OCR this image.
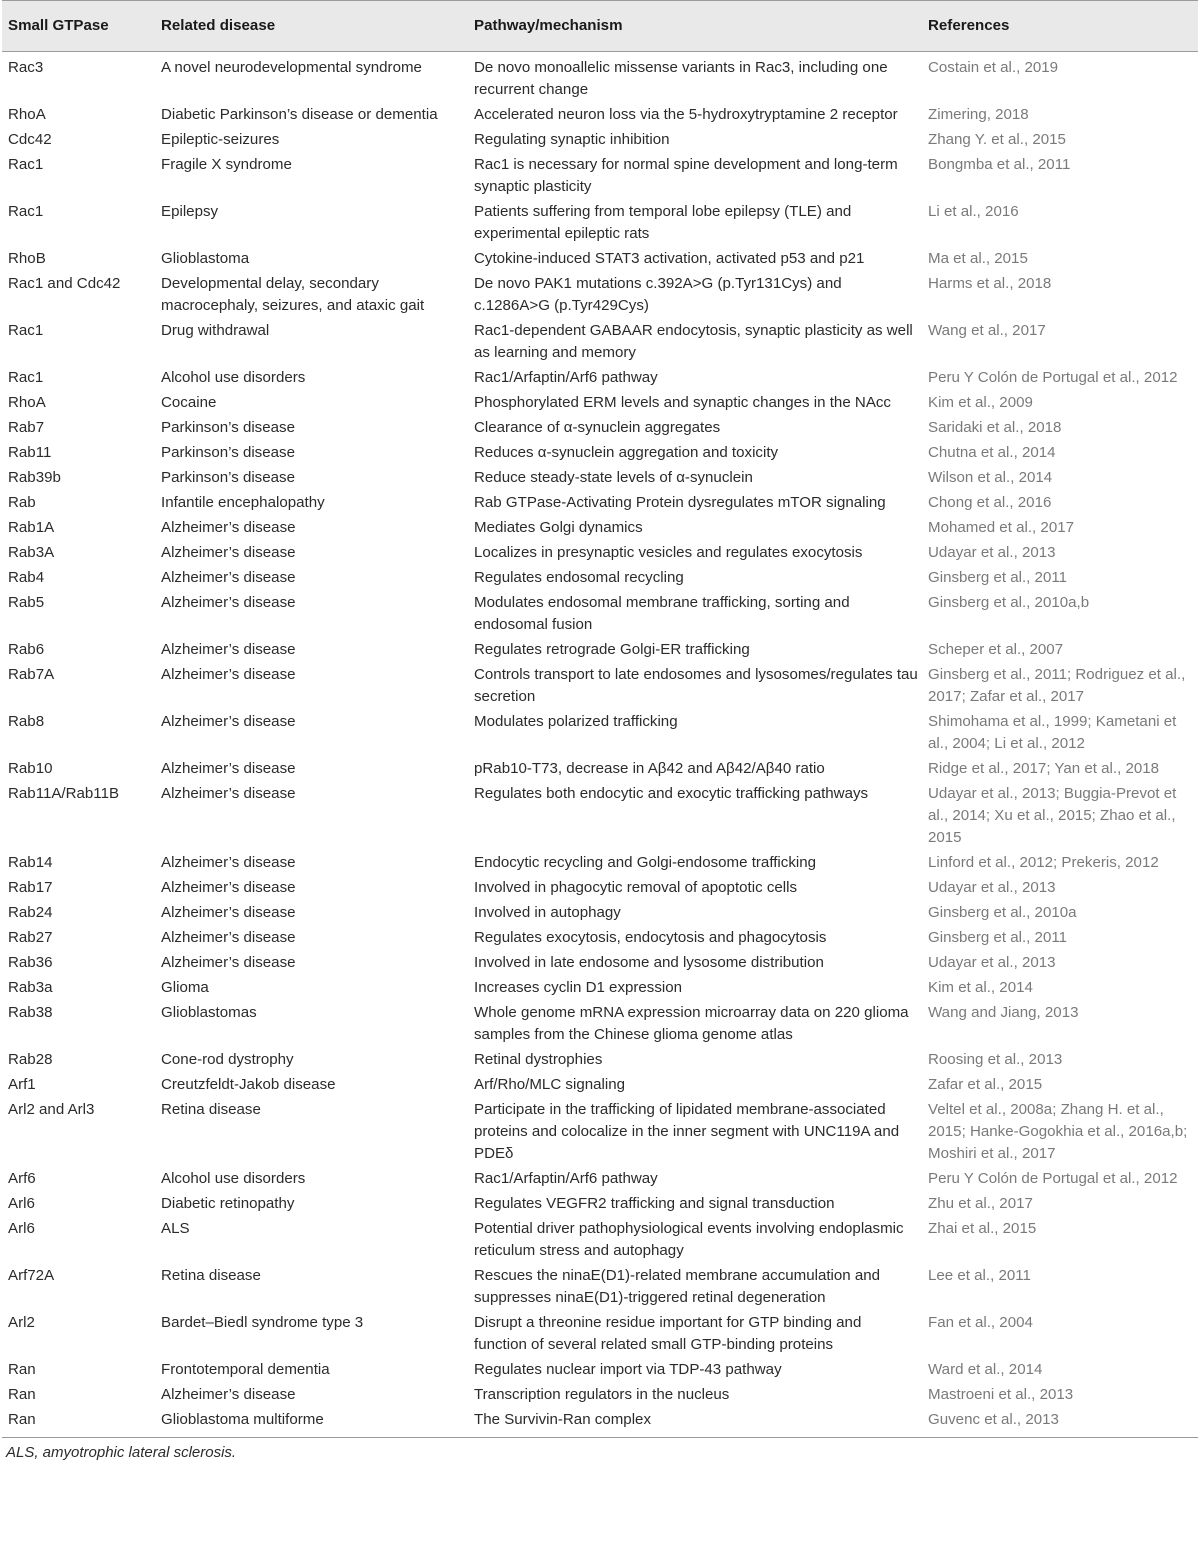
Small GTPase	Related disease	Pathway/mechanism	References
Rac3	A novel neurodevelopmental syndrome	De novo monoallelic missense variants in Rac3, including one recurrent change	Costain et al., 2019
RhoA	Diabetic Parkinson’s disease or dementia	Accelerated neuron loss via the 5-hydroxytryptamine 2 receptor	Zimering, 2018
Cdc42	Epileptic-seizures	Regulating synaptic inhibition	Zhang Y. et al., 2015
Rac1	Fragile X syndrome	Rac1 is necessary for normal spine development and long-term synaptic plasticity	Bongmba et al., 2011
Rac1	Epilepsy	Patients suffering from temporal lobe epilepsy (TLE) and experimental epileptic rats	Li et al., 2016
RhoB	Glioblastoma	Cytokine-induced STAT3 activation, activated p53 and p21	Ma et al., 2015
Rac1 and Cdc42	Developmental delay, secondary macrocephaly, seizures, and ataxic gait	De novo PAK1 mutations c.392A>G (p.Tyr131Cys) and c.1286A>G (p.Tyr429Cys)	Harms et al., 2018
Rac1	Drug withdrawal	Rac1-dependent GABAAR endocytosis, synaptic plasticity as well as learning and memory	Wang et al., 2017
Rac1	Alcohol use disorders	Rac1/Arfaptin/Arf6 pathway	Peru Y Colón de Portugal et al., 2012
RhoA	Cocaine	Phosphorylated ERM levels and synaptic changes in the NAcc	Kim et al., 2009
Rab7	Parkinson’s disease	Clearance of α-synuclein aggregates	Saridaki et al., 2018
Rab11	Parkinson’s disease	Reduces α-synuclein aggregation and toxicity	Chutna et al., 2014
Rab39b	Parkinson’s disease	Reduce steady-state levels of α-synuclein	Wilson et al., 2014
Rab	Infantile encephalopathy	Rab GTPase-Activating Protein dysregulates mTOR signaling	Chong et al., 2016
Rab1A	Alzheimer’s disease	Mediates Golgi dynamics	Mohamed et al., 2017
Rab3A	Alzheimer’s disease	Localizes in presynaptic vesicles and regulates exocytosis	Udayar et al., 2013
Rab4	Alzheimer’s disease	Regulates endosomal recycling	Ginsberg et al., 2011
Rab5	Alzheimer’s disease	Modulates endosomal membrane trafficking, sorting and endosomal fusion	Ginsberg et al., 2010a,b
Rab6	Alzheimer’s disease	Regulates retrograde Golgi-ER trafficking	Scheper et al., 2007
Rab7A	Alzheimer’s disease	Controls transport to late endosomes and lysosomes/regulates tau secretion	Ginsberg et al., 2011; Rodriguez et al., 2017; Zafar et al., 2017
Rab8	Alzheimer’s disease	Modulates polarized trafficking	Shimohama et al., 1999; Kametani et al., 2004; Li et al., 2012
Rab10	Alzheimer’s disease	pRab10-T73, decrease in Aβ42 and Aβ42/Aβ40 ratio	Ridge et al., 2017; Yan et al., 2018
Rab11A/Rab11B	Alzheimer’s disease	Regulates both endocytic and exocytic trafficking pathways	Udayar et al., 2013; Buggia-Prevot et al., 2014; Xu et al., 2015; Zhao et al., 2015
Rab14	Alzheimer’s disease	Endocytic recycling and Golgi-endosome trafficking	Linford et al., 2012; Prekeris, 2012
Rab17	Alzheimer’s disease	Involved in phagocytic removal of apoptotic cells	Udayar et al., 2013
Rab24	Alzheimer’s disease	Involved in autophagy	Ginsberg et al., 2010a
Rab27	Alzheimer’s disease	Regulates exocytosis, endocytosis and phagocytosis	Ginsberg et al., 2011
Rab36	Alzheimer’s disease	Involved in late endosome and lysosome distribution	Udayar et al., 2013
Rab3a	Glioma	Increases cyclin D1 expression	Kim et al., 2014
Rab38	Glioblastomas	Whole genome mRNA expression microarray data on 220 glioma samples from the Chinese glioma genome atlas	Wang and Jiang, 2013
Rab28	Cone-rod dystrophy	Retinal dystrophies	Roosing et al., 2013
Arf1	Creutzfeldt-Jakob disease	Arf/Rho/MLC signaling	Zafar et al., 2015
Arl2 and Arl3	Retina disease	Participate in the trafficking of lipidated membrane-associated proteins and colocalize in the inner segment with UNC119A and PDEδ	Veltel et al., 2008a; Zhang H. et al., 2015; Hanke-Gogokhia et al., 2016a,b; Moshiri et al., 2017
Arf6	Alcohol use disorders	Rac1/Arfaptin/Arf6 pathway	Peru Y Colón de Portugal et al., 2012
Arl6	Diabetic retinopathy	Regulates VEGFR2 trafficking and signal transduction	Zhu et al., 2017
Arl6	ALS	Potential driver pathophysiological events involving endoplasmic reticulum stress and autophagy	Zhai et al., 2015
Arf72A	Retina disease	Rescues the ninaE(D1)-related membrane accumulation and suppresses ninaE(D1)-triggered retinal degeneration	Lee et al., 2011
Arl2	Bardet–Biedl syndrome type 3	Disrupt a threonine residue important for GTP binding and function of several related small GTP-binding proteins	Fan et al., 2004
Ran	Frontotemporal dementia	Regulates nuclear import via TDP-43 pathway	Ward et al., 2014
Ran	Alzheimer’s disease	Transcription regulators in the nucleus	Mastroeni et al., 2013
Ran	Glioblastoma multiforme	The Survivin-Ran complex	Guvenc et al., 2013
ALS, amyotrophic lateral sclerosis.
